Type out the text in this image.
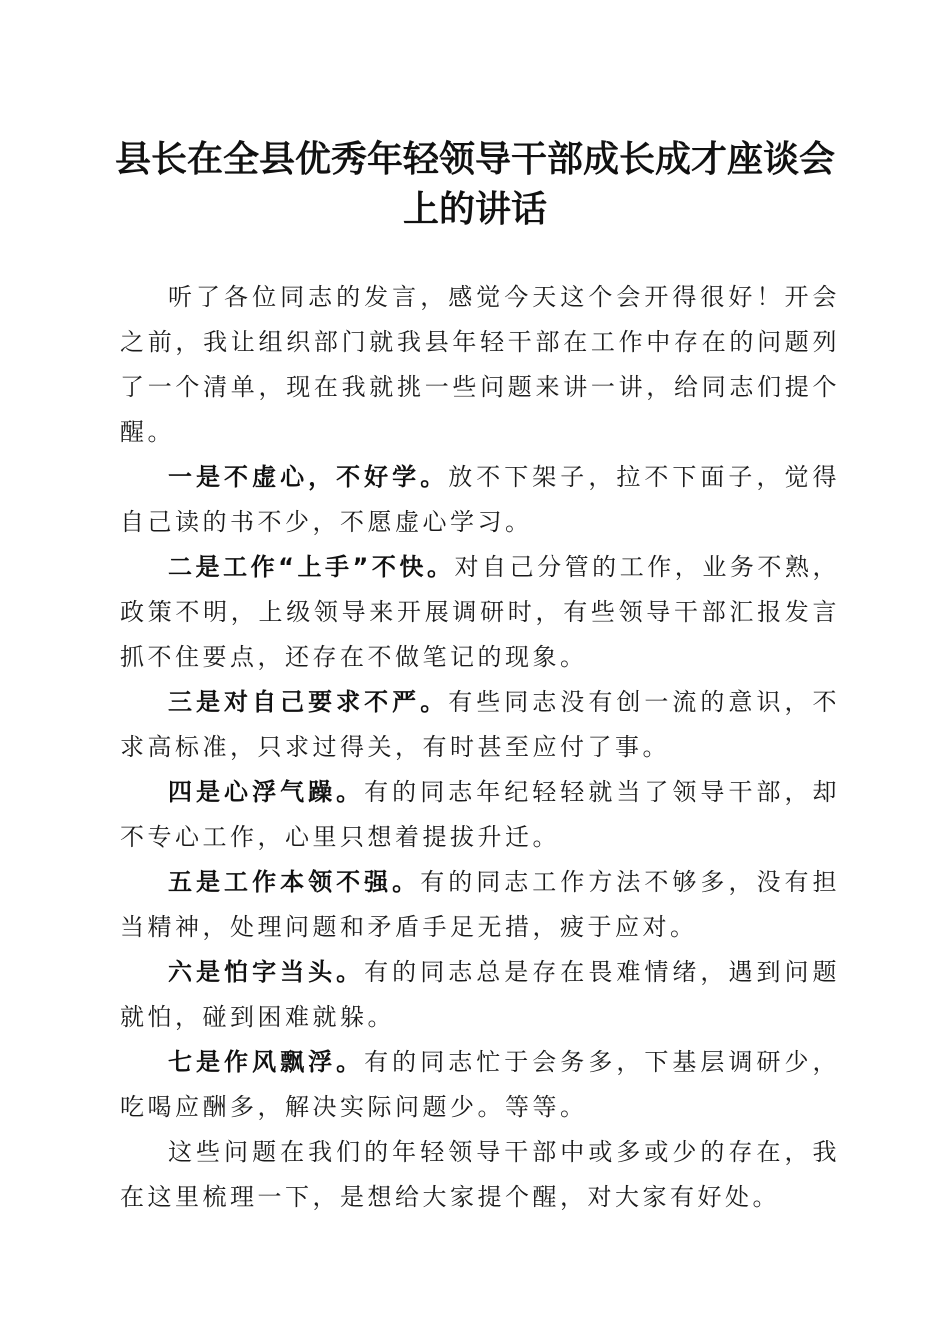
县长在全县优秀年轻领导干部成长成才座谈会上的讲话

听了各位同志的发言，感觉今天这个会开得很好！开会之前，我让组织部门就我县年轻干部在工作中存在的问题列了一个清单，现在我就挑一些问题来讲一讲，给同志们提个醒。

一是不虚心，不好学。放不下架子，拉不下面子，觉得自己读的书不少，不愿虚心学习。

二是工作“上手”不快。对自己分管的工作，业务不熟，政策不明，上级领导来开展调研时，有些领导干部汇报发言抓不住要点，还存在不做笔记的现象。

三是对自己要求不严。有些同志没有创一流的意识，不求高标准，只求过得关，有时甚至应付了事。

四是心浮气躁。有的同志年纪轻轻就当了领导干部，却不专心工作，心里只想着提拔升迁。

五是工作本领不强。有的同志工作方法不够多，没有担当精神，处理问题和矛盾手足无措，疲于应对。

六是怕字当头。有的同志总是存在畏难情绪，遇到问题就怕，碰到困难就躲。

七是作风飘浮。有的同志忙于会务多，下基层调研少，吃喝应酬多，解决实际问题少。等等。

这些问题在我们的年轻领导干部中或多或少的存在，我在这里梳理一下，是想给大家提个醒，对大家有好处。
